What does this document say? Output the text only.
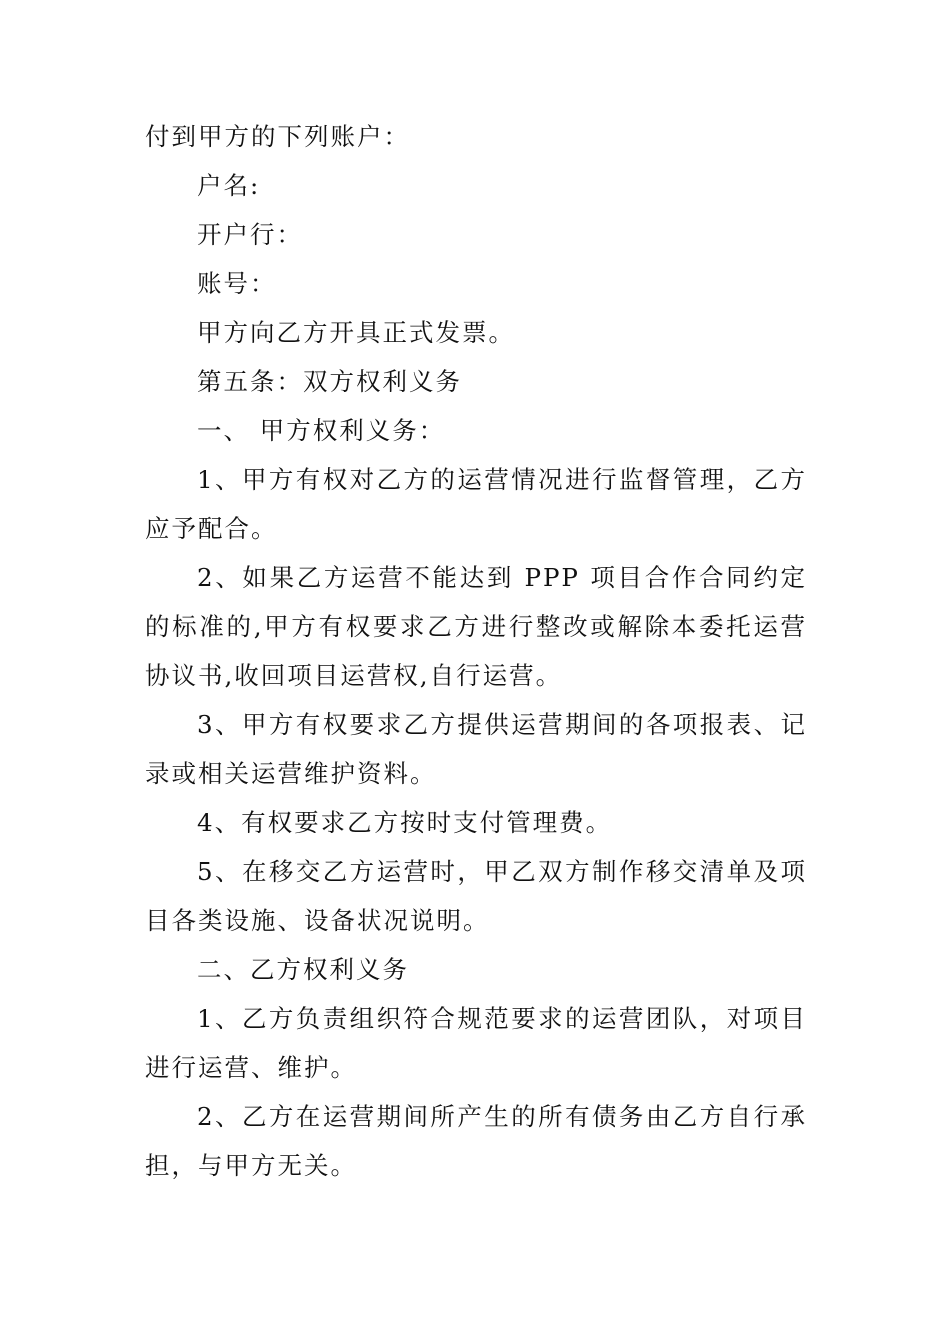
付到甲方的下列账户：

户名:

开户行：

账号：

甲方向乙方开具正式发票。

第五条：双方权利义务

一、 甲方权利义务：

1、甲方有权对乙方的运营情况进行监督管理，乙方应予配合。

2、如果乙方运营不能达到 PPP 项目合作合同约定的标准的,甲方有权要求乙方进行整改或解除本委托运营协议书,收回项目运营权,自行运营。

3、甲方有权要求乙方提供运营期间的各项报表、记录或相关运营维护资料。

4、有权要求乙方按时支付管理费。

5、在移交乙方运营时，甲乙双方制作移交清单及项目各类设施、设备状况说明。

二、乙方权利义务

1、乙方负责组织符合规范要求的运营团队，对项目进行运营、维护。

2、乙方在运营期间所产生的所有债务由乙方自行承担，与甲方无关。
